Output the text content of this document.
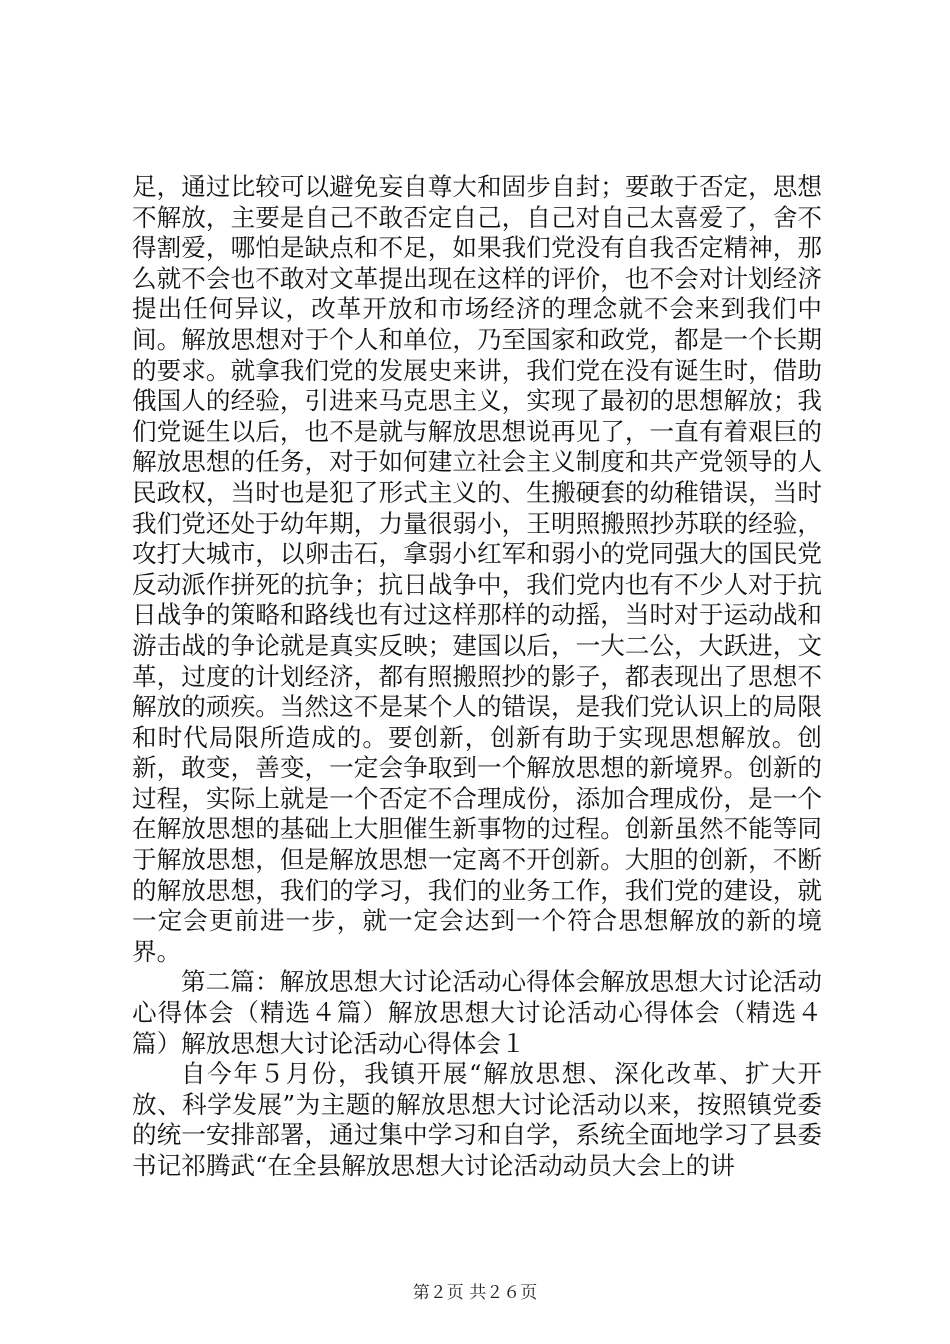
足，通过比较可以避免妄自尊大和固步自封；要敢于否定，思想不解放，主要是自己不敢否定自己，自己对自己太喜爱了，舍不得割爱，哪怕是缺点和不足，如果我们党没有自我否定精神，那么就不会也不敢对文革提出现在这样的评价，也不会对计划经济提出任何异议，改革开放和市场经济的理念就不会来到我们中间。解放思想对于个人和单位，乃至国家和政党，都是一个长期的要求。就拿我们党的发展史来讲，我们党在没有诞生时，借助俄国人的经验，引进来马克思主义，实现了最初的思想解放；我们党诞生以后，也不是就与解放思想说再见了，一直有着艰巨的解放思想的任务，对于如何建立社会主义制度和共产党领导的人民政权，当时也是犯了形式主义的、生搬硬套的幼稚错误，当时我们党还处于幼年期，力量很弱小，王明照搬照抄苏联的经验，攻打大城市，以卵击石，拿弱小红军和弱小的党同强大的国民党反动派作拼死的抗争；抗日战争中，我们党内也有不少人对于抗日战争的策略和路线也有过这样那样的动摇，当时对于运动战和游击战的争论就是真实反映；建国以后，一大二公，大跃进，文革，过度的计划经济，都有照搬照抄的影子，都表现出了思想不解放的顽疾。当然这不是某个人的错误，是我们党认识上的局限和时代局限所造成的。要创新，创新有助于实现思想解放。创新，敢变，善变，一定会争取到一个解放思想的新境界。创新的过程，实际上就是一个否定不合理成份，添加合理成份，是一个在解放思想的基础上大胆催生新事物的过程。创新虽然不能等同于解放思想，但是解放思想一定离不开创新。大胆的创新，不断的解放思想，我们的学习，我们的业务工作，我们党的建设，就一定会更前进一步，就一定会达到一个符合思想解放的新的境界。

第二篇：解放思想大讨论活动心得体会解放思想大讨论活动心得体会（精选４篇）解放思想大讨论活动心得体会（精选４篇）解放思想大讨论活动心得体会１

自今年５月份，我镇开展“解放思想、深化改革、扩大开放、科学发展”为主题的解放思想大讨论活动以来，按照镇党委的统一安排部署，通过集中学习和自学，系统全面地学习了县委书记祁腾武“在全县解放思想大讨论活动动员大会上的讲

第２页 共２６页
